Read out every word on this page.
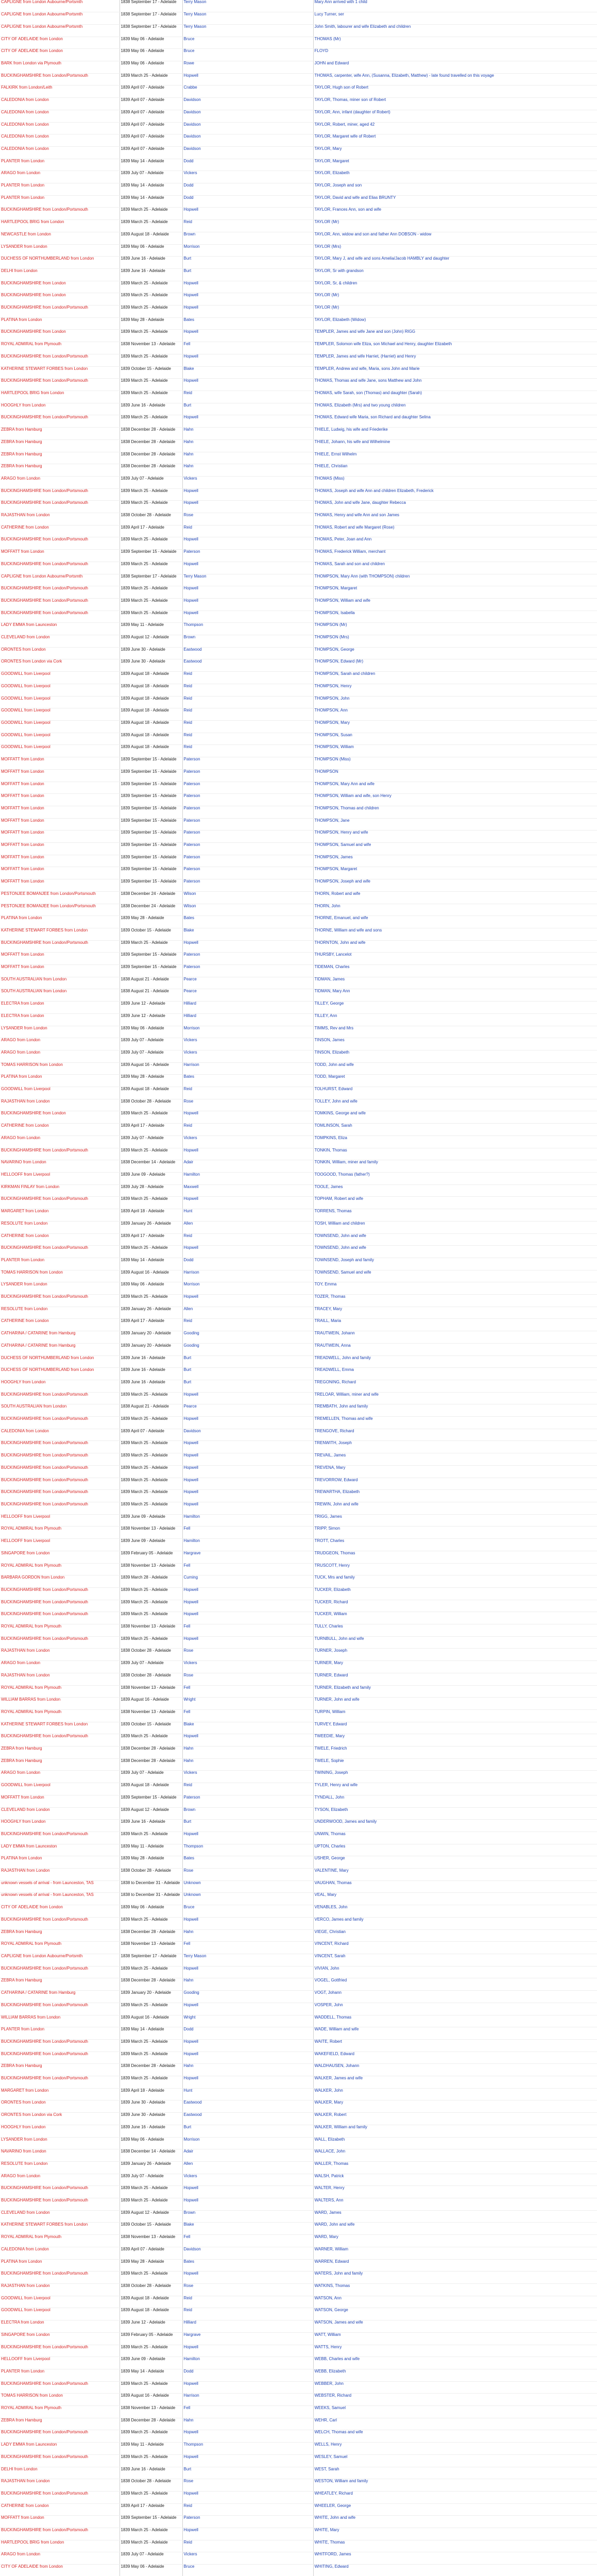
CAPLIGNE from London Aubourne/Portsmth	1838 September 17 - Adelaide	Terry Mason	Mary Ann arrived with 1 child
CAPLIGNE from London Aubourne/Portsmth	1838 September 17 - Adelaide	Terry Mason	Lucy Turner, ser
CAPLIGNE from London Aubourne/Portsmth	1838 September 17 - Adelaide	Terry Mason	John Smith, labourer and wife Elizabeth and children
CITY OF ADELAIDE from London	1839 May 06 - Adelaide	Bruce	THOMAS (Mr)
CITY OF ADELAIDE from London	1839 May 06 - Adelaide	Bruce	FLOYD
BARK from London via Plymouth	1839 May 06 - Adelaide	Rowe	JOHN and Edward
BUCKINGHAMSHIRE from London/Portsmouth	1839 March 25 - Adelaide	Hopwell	THOMAS, carpenter, wife Ann, (Susanna, Elizabeth, Matthew) - late found travelled on this voyage
FALKIRK from London/Leith	1839 April 07 - Adelaide	Crabbe	TAYLOR, Hugh son of Robert
CALEDONIA from London	1839 April 07 - Adelaide	Davidson	TAYLOR, Thomas, miner son of Robert
CALEDONIA from London	1839 April 07 - Adelaide	Davidson	TAYLOR, Ann, infant (daughter of Robert)
CALEDONIA from London	1839 April 07 - Adelaide	Davidson	TAYLOR, Robert, miner, aged 42
CALEDONIA from London	1839 April 07 - Adelaide	Davidson	TAYLOR, Margaret wife of Robert
CALEDONIA from London	1839 April 07 - Adelaide	Davidson	TAYLOR, Mary
PLANTER from London	1839 May 14 - Adelaide	Dodd	TAYLOR, Margaret
ARAGO from London	1839 July 07 - Adelaide	Vickers	TAYLOR, Elizabeth
PLANTER from London	1839 May 14 - Adelaide	Dodd	TAYLOR, Joseph and son
PLANTER from London	1839 May 14 - Adelaide	Dodd	TAYLOR, David and wife and Elias BRUNTY
BUCKINGHAMSHIRE from London/Portsmouth	1839 March 25 - Adelaide	Hopwell	TAYLOR, Frances Ann, son and wife
HARTLEPOOL BRIG from London	1839 March 25 - Adelaide	Reid	TAYLOR (Mr)
NEWCASTLE from London	1839 August 18 - Adelaide	Brown	TAYLOR, Ann, widow and son and father Ann DOBSON - widow
LYSANDER from London	1839 May 06 - Adelaide	Morrison	TAYLOR (Mrs)
DUCHESS OF NORTHUMBERLAND from London	1839 June 16 - Adelaide	Burt	TAYLOR, Mary J, and wife and sons Amelia/Jacob HAMBLY and daughter
DELHI from London	1839 June 16 - Adelaide	Burt	TAYLOR, Sr with grandson
BUCKINGHAMSHIRE from London	1839 March 25 - Adelaide	Hopwell	TAYLOR, Sr, & children
BUCKINGHAMSHIRE from London	1839 March 25 - Adelaide	Hopwell	TAYLOR (Mr)
BUCKINGHAMSHIRE from London/Portsmouth	1839 March 25 - Adelaide	Hopwell	TAYLOR (Mr)
PLATINA from London	1839 May 28 - Adelaide	Bates	TAYLOR, Elizabeth (Widow)
BUCKINGHAMSHIRE from London	1839 March 25 - Adelaide	Hopwell	TEMPLER, James and wife Jane and son (John) RIGG
ROYAL ADMIRAL from Plymouth	1838 November 13 - Adelaide	Fell	TEMPLER, Solomon wife Eliza, son Michael and Henry, daughter Elizabeth
BUCKINGHAMSHIRE from London/Portsmouth	1839 March 25 - Adelaide	Hopwell	TEMPLER, James and wife Harriet, (Harriet) and Henry
KATHERINE STEWART FORBES from London	1839 October 15 - Adelaide	Blake	TEMPLER, Andrew and wife, Maria, sons John and Marie
BUCKINGHAMSHIRE from London/Portsmouth	1839 March 25 - Adelaide	Hopwell	THOMAS, Thomas and wife Jane, sons Matthew and John
HARTLEPOOL BRIG from London	1839 March 25 - Adelaide	Reid	THOMAS, wife Sarah, son (Thomas) and daughter (Sarah)
HOOGHLY from London	1839 June 16 - Adelaide	Burt	THOMAS, Elizabeth (Mrs) and two young children
BUCKINGHAMSHIRE from London/Portsmouth	1839 March 25 - Adelaide	Hopwell	THOMAS, Edward wife Maria, son Richard and daughter Selina
ZEBRA from Hamburg	1838 December 28 - Adelaide	Hahn	THIELE, Ludwig, his wife and Friederike
ZEBRA from Hamburg	1838 December 28 - Adelaide	Hahn	THIELE, Johann, his wife and Wilhelmine
ZEBRA from Hamburg	1838 December 28 - Adelaide	Hahn	THIELE, Ernst Wilhelm
ZEBRA from Hamburg	1838 December 28 - Adelaide	Hahn	THIELE, Christian
ARAGO from London	1839 July 07 - Adelaide	Vickers	THOMAS (Miss)
BUCKINGHAMSHIRE from London/Portsmouth	1839 March 25 - Adelaide	Hopwell	THOMAS, Joseph and wife Ann and children Elizabeth, Frederick
BUCKINGHAMSHIRE from London/Portsmouth	1839 March 25 - Adelaide	Hopwell	THOMAS, John and wife Jane, daughter Rebecca
RAJASTHAN from London	1838 October 28 - Adelaide	Rose	THOMAS, Henry and wife Ann and son James
CATHERINE from London	1839 April 17 - Adelaide	Reid	THOMAS, Robert and wife Margaret (Rose)
BUCKINGHAMSHIRE from London/Portsmouth	1839 March 25 - Adelaide	Hopwell	THOMAS, Peter, Joan and Ann
MOFFATT from London	1839 September 15 - Adelaide	Paterson	THOMAS, Frederick William, merchant
BUCKINGHAMSHIRE from London/Portsmouth	1839 March 25 - Adelaide	Hopwell	THOMAS, Sarah and son and children
CAPLIGNE from London Aubourne/Portsmth	1838 September 17 - Adelaide	Terry Mason	THOMPSON, Mary Ann (with THOMPSON) children
BUCKINGHAMSHIRE from London/Portsmouth	1839 March 25 - Adelaide	Hopwell	THOMPSON, Margaret
BUCKINGHAMSHIRE from London/Portsmouth	1839 March 25 - Adelaide	Hopwell	THOMPSON, William and wife
BUCKINGHAMSHIRE from London/Portsmouth	1839 March 25 - Adelaide	Hopwell	THOMPSON, Isabella
LADY EMMA from Launceston	1839 May 11 - Adelaide	Thompson	THOMPSON (Mr)
CLEVELAND from London	1839 August 12 - Adelaide	Brown	THOMPSON (Mrs)
ORONTES from London	1839 June 30 - Adelaide	Eastwood	THOMPSON, George
ORONTES from London via Cork	1839 June 30 - Adelaide	Eastwood	THOMPSON, Edward (Mr)
GOODWILL from Liverpool	1839 August 18 - Adelaide	Reid	THOMPSON, Sarah and children
GOODWILL from Liverpool	1839 August 18 - Adelaide	Reid	THOMPSON, Henry
GOODWILL from Liverpool	1839 August 18 - Adelaide	Reid	THOMPSON, John
GOODWILL from Liverpool	1839 August 18 - Adelaide	Reid	THOMPSON, Ann
GOODWILL from Liverpool	1839 August 18 - Adelaide	Reid	THOMPSON, Mary
GOODWILL from Liverpool	1839 August 18 - Adelaide	Reid	THOMPSON, Susan
GOODWILL from Liverpool	1839 August 18 - Adelaide	Reid	THOMPSON, William
MOFFATT from London	1839 September 15 - Adelaide	Paterson	THOMPSON (Miss)
MOFFATT from London	1839 September 15 - Adelaide	Paterson	THOMPSON
MOFFATT from London	1839 September 15 - Adelaide	Paterson	THOMPSON, Mary Ann and wife
MOFFATT from London	1839 September 15 - Adelaide	Paterson	THOMPSON, William and wife, son Henry
MOFFATT from London	1839 September 15 - Adelaide	Paterson	THOMPSON, Thomas and children
MOFFATT from London	1839 September 15 - Adelaide	Paterson	THOMPSON, Jane
MOFFATT from London	1839 September 15 - Adelaide	Paterson	THOMPSON, Henry and wife
MOFFATT from London	1839 September 15 - Adelaide	Paterson	THOMPSON, Samuel and wife
MOFFATT from London	1839 September 15 - Adelaide	Paterson	THOMPSON, James
MOFFATT from London	1839 September 15 - Adelaide	Paterson	THOMPSON, Margaret
MOFFATT from London	1839 September 15 - Adelaide	Paterson	THOMPSON, Joseph and wife
PESTONJEE BOMANJEE from London/Portsmouth	1838 December 24 - Adelaide	Wilson	THORN, Robert and wife
PESTONJEE BOMANJEE from London/Portsmouth	1838 December 24 - Adelaide	Wilson	THORN, John
PLATINA from London	1839 May 28 - Adelaide	Bates	THORNE, Emanuel, and wife
KATHERINE STEWART FORBES from London	1839 October 15 - Adelaide	Blake	THORNE, William and wife and sons
BUCKINGHAMSHIRE from London/Portsmouth	1839 March 25 - Adelaide	Hopwell	THORNTON, John and wife
MOFFATT from London	1839 September 15 - Adelaide	Paterson	THURSBY, Lancelot
MOFFATT from London	1839 September 15 - Adelaide	Paterson	TIDEMAN, Charles
SOUTH AUSTRALIAN from London	1838 August 21 - Adelaide	Pearce	TIDMAN, James
SOUTH AUSTRALIAN from London	1838 August 21 - Adelaide	Pearce	TIDMAN, Mary Ann
ELECTRA from London	1839 June 12 - Adelaide	Hilliard	TILLEY, George
ELECTRA from London	1839 June 12 - Adelaide	Hilliard	TILLEY, Ann
LYSANDER from London	1839 May 06 - Adelaide	Morrison	TIMMS, Rev and Mrs
ARAGO from London	1839 July 07 - Adelaide	Vickers	TINSON, James
ARAGO from London	1839 July 07 - Adelaide	Vickers	TINSON, Elizabeth
TOMAS HARRISON from London	1839 August 16 - Adelaide	Harrison	TODD, John and wife
PLATINA from London	1839 May 28 - Adelaide	Bates	TODD, Margaret
GOODWILL from Liverpool	1839 August 18 - Adelaide	Reid	TOLHURST, Edward
RAJASTHAN from London	1838 October 28 - Adelaide	Rose	TOLLEY, John and wife
BUCKINGHAMSHIRE from London	1839 March 25 - Adelaide	Hopwell	TOMKINS, George and wife
CATHERINE from London	1839 April 17 - Adelaide	Reid	TOMLINSON, Sarah
ARAGO from London	1839 July 07 - Adelaide	Vickers	TOMPKINS, Eliza
BUCKINGHAMSHIRE from London/Portsmouth	1839 March 25 - Adelaide	Hopwell	TONKIN, Thomas
NAVARINO from London	1838 December 14 - Adelaide	Adair	TONKIN, William, miner and family
HELLOOFF from Liverpool	1839 June 09 - Adelaide	Hamilton	TOOGOOD, Thomas (father?)
KIRKMAN FINLAY from London	1839 July 28 - Adelaide	Maxwell	TOOLE, James
BUCKINGHAMSHIRE from London/Portsmouth	1839 March 25 - Adelaide	Hopwell	TOPHAM, Robert and wife
MARGARET from London	1839 April 18 - Adelaide	Hunt	TORRENS, Thomas
RESOLUTE from London	1839 January 26 - Adelaide	Allen	TOSH, William and children
CATHERINE from London	1839 April 17 - Adelaide	Reid	TOWNSEND, John and wife
BUCKINGHAMSHIRE from London/Portsmouth	1839 March 25 - Adelaide	Hopwell	TOWNSEND, John and wife
PLANTER from London	1839 May 14 - Adelaide	Dodd	TOWNSEND, Joseph and family
TOMAS HARRISON from London	1839 August 16 - Adelaide	Harrison	TOWNSEND, Samuel and wife
LYSANDER from London	1839 May 06 - Adelaide	Morrison	TOY, Emma
BUCKINGHAMSHIRE from London/Portsmouth	1839 March 25 - Adelaide	Hopwell	TOZER, Thomas
RESOLUTE from London	1839 January 26 - Adelaide	Allen	TRACEY, Mary
CATHERINE from London	1839 April 17 - Adelaide	Reid	TRAILL, Maria
CATHARINA / CATARINE from Hamburg	1839 January 20 - Adelaide	Gooding	TRAUTWEIN, Johann
CATHARINA / CATARINE from Hamburg	1839 January 20 - Adelaide	Gooding	TRAUTWEIN, Anna
DUCHESS OF NORTHUMBERLAND from London	1839 June 16 - Adelaide	Burt	TREADWELL, John and family
DUCHESS OF NORTHUMBERLAND from London	1839 June 16 - Adelaide	Burt	TREADWELL, Emma
HOOGHLY from London	1839 June 16 - Adelaide	Burt	TREGONING, Richard
BUCKINGHAMSHIRE from London/Portsmouth	1839 March 25 - Adelaide	Hopwell	TRELOAR, William, miner and wife
SOUTH AUSTRALIAN from London	1838 August 21 - Adelaide	Pearce	TREMBATH, John and family
BUCKINGHAMSHIRE from London/Portsmouth	1839 March 25 - Adelaide	Hopwell	TREMELLEN, Thomas and wife
CALEDONIA from London	1839 April 07 - Adelaide	Davidson	TRENGOVE, Richard
BUCKINGHAMSHIRE from London/Portsmouth	1839 March 25 - Adelaide	Hopwell	TRENWITH, Joseph
BUCKINGHAMSHIRE from London/Portsmouth	1839 March 25 - Adelaide	Hopwell	TREVAIL, James
BUCKINGHAMSHIRE from London/Portsmouth	1839 March 25 - Adelaide	Hopwell	TREVENA, Mary
BUCKINGHAMSHIRE from London/Portsmouth	1839 March 25 - Adelaide	Hopwell	TREVORROW, Edward
BUCKINGHAMSHIRE from London/Portsmouth	1839 March 25 - Adelaide	Hopwell	TREWARTHA, Elizabeth
BUCKINGHAMSHIRE from London/Portsmouth	1839 March 25 - Adelaide	Hopwell	TREWIN, John and wife
HELLOOFF from Liverpool	1839 June 09 - Adelaide	Hamilton	TRIGG, James
ROYAL ADMIRAL from Plymouth	1838 November 13 - Adelaide	Fell	TRIPP, Simon
HELLOOFF from Liverpool	1839 June 09 - Adelaide	Hamilton	TROTT, Charles
SINGAPORE from London	1839 February 05 - Adelaide	Hargrave	TRUDGEON, Thomas
ROYAL ADMIRAL from Plymouth	1838 November 13 - Adelaide	Fell	TRUSCOTT, Henry
BARBARA GORDON from London	1839 March 28 - Adelaide	Cuming	TUCK, Mrs and family
BUCKINGHAMSHIRE from London/Portsmouth	1839 March 25 - Adelaide	Hopwell	TUCKER, Elizabeth
BUCKINGHAMSHIRE from London/Portsmouth	1839 March 25 - Adelaide	Hopwell	TUCKER, Richard
BUCKINGHAMSHIRE from London/Portsmouth	1839 March 25 - Adelaide	Hopwell	TUCKER, William
ROYAL ADMIRAL from Plymouth	1838 November 13 - Adelaide	Fell	TULLY, Charles
BUCKINGHAMSHIRE from London/Portsmouth	1839 March 25 - Adelaide	Hopwell	TURNBULL, John and wife
RAJASTHAN from London	1838 October 28 - Adelaide	Rose	TURNER, Joseph
ARAGO from London	1839 July 07 - Adelaide	Vickers	TURNER, Mary
RAJASTHAN from London	1838 October 28 - Adelaide	Rose	TURNER, Edward
ROYAL ADMIRAL from Plymouth	1838 November 13 - Adelaide	Fell	TURNER, Elizabeth and family
WILLIAM BARRAS from London	1839 August 16 - Adelaide	Wright	TURNER, John and wife
ROYAL ADMIRAL from Plymouth	1838 November 13 - Adelaide	Fell	TURPIN, William
KATHERINE STEWART FORBES from London	1839 October 15 - Adelaide	Blake	TURVEY, Edward
BUCKINGHAMSHIRE from London/Portsmouth	1839 March 25 - Adelaide	Hopwell	TWEEDIE, Mary
ZEBRA from Hamburg	1838 December 28 - Adelaide	Hahn	TWELE, Friedrich
ZEBRA from Hamburg	1838 December 28 - Adelaide	Hahn	TWELE, Sophie
ARAGO from London	1839 July 07 - Adelaide	Vickers	TWINING, Joseph
GOODWILL from Liverpool	1839 August 18 - Adelaide	Reid	TYLER, Henry and wife
MOFFATT from London	1839 September 15 - Adelaide	Paterson	TYNDALL, John
CLEVELAND from London	1839 August 12 - Adelaide	Brown	TYSON, Elizabeth
HOOGHLY from London	1839 June 16 - Adelaide	Burt	UNDERWOOD, James and family
BUCKINGHAMSHIRE from London/Portsmouth	1839 March 25 - Adelaide	Hopwell	UNWIN, Thomas
LADY EMMA from Launceston	1839 May 11 - Adelaide	Thompson	UPTON, Charles
PLATINA from London	1839 May 28 - Adelaide	Bates	USHER, George
RAJASTHAN from London	1838 October 28 - Adelaide	Rose	VALENTINE, Mary
unknown vessels of arrival - from Launceston, TAS	1838 to December 31 - Adelaide	Unknown	VAUGHAN, Thomas
unknown vessels of arrival - from Launceston, TAS	1838 to December 31 - Adelaide	Unknown	VEAL, Mary
CITY OF ADELAIDE from London	1839 May 06 - Adelaide	Bruce	VENABLES, John
BUCKINGHAMSHIRE from London/Portsmouth	1839 March 25 - Adelaide	Hopwell	VERCO, James and family
ZEBRA from Hamburg	1838 December 28 - Adelaide	Hahn	VIEGE, Christian
ROYAL ADMIRAL from Plymouth	1838 November 13 - Adelaide	Fell	VINCENT, Richard
CAPLIGNE from London Aubourne/Portsmth	1838 September 17 - Adelaide	Terry Mason	VINCENT, Sarah
BUCKINGHAMSHIRE from London/Portsmouth	1839 March 25 - Adelaide	Hopwell	VIVIAN, John
ZEBRA from Hamburg	1838 December 28 - Adelaide	Hahn	VOGEL, Gottfried
CATHARINA / CATARINE from Hamburg	1839 January 20 - Adelaide	Gooding	VOGT, Johann
BUCKINGHAMSHIRE from London/Portsmouth	1839 March 25 - Adelaide	Hopwell	VOSPER, John
WILLIAM BARRAS from London	1839 August 16 - Adelaide	Wright	WADDELL, Thomas
PLANTER from London	1839 May 14 - Adelaide	Dodd	WADE, William and wife
BUCKINGHAMSHIRE from London/Portsmouth	1839 March 25 - Adelaide	Hopwell	WAITE, Robert
BUCKINGHAMSHIRE from London/Portsmouth	1839 March 25 - Adelaide	Hopwell	WAKEFIELD, Edward
ZEBRA from Hamburg	1838 December 28 - Adelaide	Hahn	WALDHAUSEN, Johann
BUCKINGHAMSHIRE from London/Portsmouth	1839 March 25 - Adelaide	Hopwell	WALKER, James and wife
MARGARET from London	1839 April 18 - Adelaide	Hunt	WALKER, John
ORONTES from London	1839 June 30 - Adelaide	Eastwood	WALKER, Mary
ORONTES from London via Cork	1839 June 30 - Adelaide	Eastwood	WALKER, Robert
HOOGHLY from London	1839 June 16 - Adelaide	Burt	WALKER, William and family
LYSANDER from London	1839 May 06 - Adelaide	Morrison	WALL, Elizabeth
NAVARINO from London	1838 December 14 - Adelaide	Adair	WALLACE, John
RESOLUTE from London	1839 January 26 - Adelaide	Allen	WALLER, Thomas
ARAGO from London	1839 July 07 - Adelaide	Vickers	WALSH, Patrick
BUCKINGHAMSHIRE from London/Portsmouth	1839 March 25 - Adelaide	Hopwell	WALTER, Henry
BUCKINGHAMSHIRE from London/Portsmouth	1839 March 25 - Adelaide	Hopwell	WALTERS, Ann
CLEVELAND from London	1839 August 12 - Adelaide	Brown	WARD, James
KATHERINE STEWART FORBES from London	1839 October 15 - Adelaide	Blake	WARD, John and wife
ROYAL ADMIRAL from Plymouth	1838 November 13 - Adelaide	Fell	WARD, Mary
CALEDONIA from London	1839 April 07 - Adelaide	Davidson	WARNER, William
PLATINA from London	1839 May 28 - Adelaide	Bates	WARREN, Edward
BUCKINGHAMSHIRE from London/Portsmouth	1839 March 25 - Adelaide	Hopwell	WATERS, John and family
RAJASTHAN from London	1838 October 28 - Adelaide	Rose	WATKINS, Thomas
GOODWILL from Liverpool	1839 August 18 - Adelaide	Reid	WATSON, Ann
GOODWILL from Liverpool	1839 August 18 - Adelaide	Reid	WATSON, George
ELECTRA from London	1839 June 12 - Adelaide	Hilliard	WATSON, James and wife
SINGAPORE from London	1839 February 05 - Adelaide	Hargrave	WATT, William
BUCKINGHAMSHIRE from London/Portsmouth	1839 March 25 - Adelaide	Hopwell	WATTS, Henry
HELLOOFF from Liverpool	1839 June 09 - Adelaide	Hamilton	WEBB, Charles and wife
PLANTER from London	1839 May 14 - Adelaide	Dodd	WEBB, Elizabeth
BUCKINGHAMSHIRE from London/Portsmouth	1839 March 25 - Adelaide	Hopwell	WEBBER, John
TOMAS HARRISON from London	1839 August 16 - Adelaide	Harrison	WEBSTER, Richard
ROYAL ADMIRAL from Plymouth	1838 November 13 - Adelaide	Fell	WEEKS, Samuel
ZEBRA from Hamburg	1838 December 28 - Adelaide	Hahn	WEHR, Carl
BUCKINGHAMSHIRE from London/Portsmouth	1839 March 25 - Adelaide	Hopwell	WELCH, Thomas and wife
LADY EMMA from Launceston	1839 May 11 - Adelaide	Thompson	WELLS, Henry
BUCKINGHAMSHIRE from London/Portsmouth	1839 March 25 - Adelaide	Hopwell	WESLEY, Samuel
DELHI from London	1839 June 16 - Adelaide	Burt	WEST, Sarah
RAJASTHAN from London	1838 October 28 - Adelaide	Rose	WESTON, William and family
BUCKINGHAMSHIRE from London/Portsmouth	1839 March 25 - Adelaide	Hopwell	WHEATLEY, Richard
CATHERINE from London	1839 April 17 - Adelaide	Reid	WHEELER, George
MOFFATT from London	1839 September 15 - Adelaide	Paterson	WHITE, John and wife
BUCKINGHAMSHIRE from London/Portsmouth	1839 March 25 - Adelaide	Hopwell	WHITE, Mary
HARTLEPOOL BRIG from London	1839 March 25 - Adelaide	Reid	WHITE, Thomas
ARAGO from London	1839 July 07 - Adelaide	Vickers	WHITFORD, James
CITY OF ADELAIDE from London	1839 May 06 - Adelaide	Bruce	WHITING, Edward
